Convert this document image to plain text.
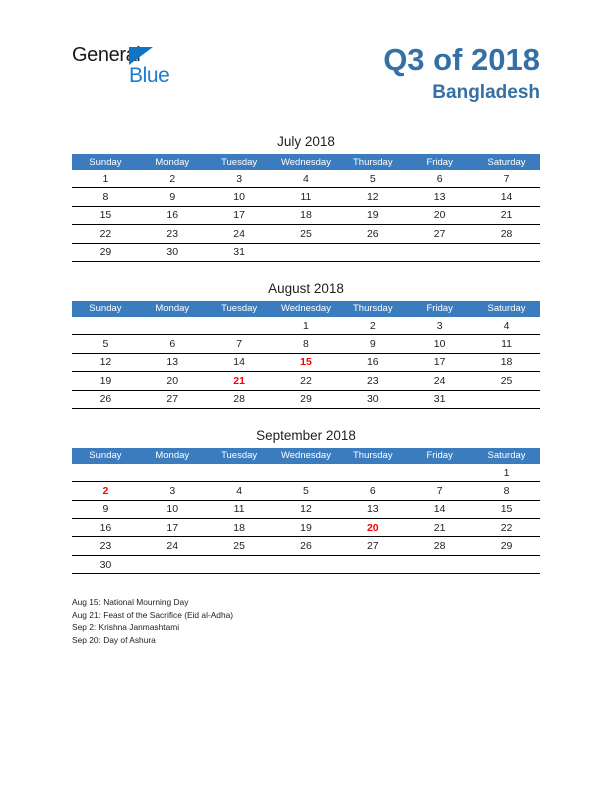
General
Blue	Q3 of 2018
Bangladesh
July 2018
Sunday	Monday	Tuesday	Wednesday	Thursday	Friday	Saturday
1	2	3	4	5	6	7
8	9	10	11	12	13	14
15	16	17	18	19	20	21
22	23	24	25	26	27	28
29	30	31				
August 2018
Sunday	Monday	Tuesday	Wednesday	Thursday	Friday	Saturday
			1	2	3	4
5	6	7	8	9	10	11
12	13	14	15	16	17	18
19	20	21	22	23	24	25
26	27	28	29	30	31	
September 2018
Sunday	Monday	Tuesday	Wednesday	Thursday	Friday	Saturday
						1
2	3	4	5	6	7	8
9	10	11	12	13	14	15
16	17	18	19	20	21	22
23	24	25	26	27	28	29
30						
Aug 15: National Mourning Day
Aug 21: Feast of the Sacrifice (Eid al-Adha)
Sep 2: Krishna Janmashtami
Sep 20: Day of Ashura
